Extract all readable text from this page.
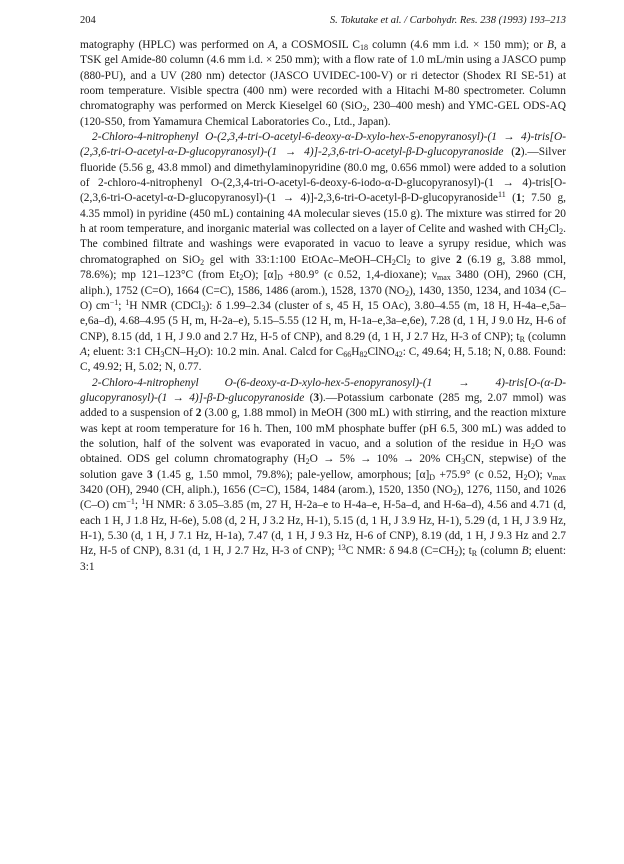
204	S. Tokutake et al. / Carbohydr. Res. 238 (1993) 193–213

matography (HPLC) was performed on A, a COSMOSIL $C_{18}$ column (4.6 mm i.d. × 150 mm); or B, a TSK gel Amide-80 column (4.6 mm i.d. × 250 mm); with a flow rate of 1.0 mL/min using a JASCO pump (880-PU), and a UV (280 nm) detector (JASCO UVIDEC-100-V) or ri detector (Shodex RI SE-51) at room temperature. Visible spectra (400 nm) were recorded with a Hitachi M-80 spectrometer. Column chromatography was performed on Merck Kieselgel 60 (SiO$_2$, 230–400 mesh) and YMC-GEL ODS-AQ (120-S50, from Yamamura Chemical Laboratories Co., Ltd., Japan).

2-Chloro-4-nitrophenyl O-(2,3,4-tri-O-acetyl-6-deoxy-α-D-xylo-hex-5-enopyranosyl)-(1 → 4)-tris[O-(2,3,6-tri-O-acetyl-α-D-glucopyranosyl)-(1 → 4)]-2,3,6-tri-O-acetyl-β-D-glucopyranoside (2).—Silver fluoride (5.56 g, 43.8 mmol) and dimethylaminopyridine (80.0 mg, 0.656 mmol) were added to a solution of 2-chloro-4-nitrophenyl O-(2,3,4-tri-O-acetyl-6-deoxy-6-iodo-α-D-glucopyranosyl)-(1 → 4)-tris[O-(2,3,6-tri-O-acetyl-α-D-glucopyranosyl)-(1 → 4)]-2,3,6-tri-O-acetyl-β-D-glucopyranoside$^{11}$ (1; 7.50 g, 4.35 mmol) in pyridine (450 mL) containing 4A molecular sieves (15.0 g). The mixture was stirred for 20 h at room temperature, and inorganic material was collected on a layer of Celite and washed with $CH_2Cl_2$. The combined filtrate and washings were evaporated in vacuo to leave a syrupy residue, which was chromatographed on SiO$_2$ gel with 33:1:100 EtOAc–$MeOH-CH_2Cl_2$ to give 2 (6.19 g, 3.88 mmol, 78.6%); mp 121–123°C (from $Et_2O$); $[\alpha]_D +80.9^\circ$ (c 0.52, 1,4-dioxane); $\nu_{max}$ 3480 (OH), 2960 (CH, aliph.), 1752 (C=O), 1664 (C=C), 1586, 1486 (arom.), 1528, 1370 $(NO_2)$, 1430, 1350, 1234, and 1034 (C–O) $cm^{-1}$; $^1$H NMR (CDCl$_3$): δ 1.99–2.34 (cluster of s, 45 H, 15 OAc), 3.80–4.55 (m, 18 H, H-4a–e,5a–e,6a–d), 4.68–4.95 (5 H, m, H-2a–e), 5.15–5.55 (12 H, m, H-1a–e,3a–e,6e), 7.28 (d, 1 H, J 9.0 Hz, H-6 of CNP), 8.15 (dd, 1 H, J 9.0 and 2.7 Hz, H-5 of CNP), and 8.29 (d, 1 H, J 2.7 Hz, H-3 of CNP); $t_R$ (column A; eluent: 3:1 $CH_3CN-H_2O$): 10.2 min. Anal. Calcd for $C_{66}H_{82}ClNO_{42}$: C, 49.64; H, 5.18; N, 0.88. Found: C, 49.92; H, 5.02; N, 0.77.

2-Chloro-4-nitrophenyl O-(6-deoxy-α-D-xylo-hex-5-enopyranosyl)-(1 → 4)-tris[O-(α-D-glucopyranosyl)-(1 → 4)]-β-D-glucopyranoside (3).—Potassium carbonate (285 mg, 2.07 mmol) was added to a suspension of 2 (3.00 g, 1.88 mmol) in MeOH (300 mL) with stirring, and the reaction mixture was kept at room temperature for 16 h. Then, 100 mM phosphate buffer (pH 6.5, 300 mL) was added to the solution, half of the solvent was evaporated in vacuo, and a solution of the residue in $H_2O$ was obtained. ODS gel column chromatography ($H_2O \to 5\% \to 10\% \to 20\%$ $CH_3CN$, stepwise) of the solution gave 3 (1.45 g, 1.50 mmol, 79.8%); pale-yellow, amorphous; $[\alpha]_D +75.9^\circ$ (c 0.52, $H_2O$); $\nu_{max}$ 3420 (OH), 2940 (CH, aliph.), 1656 (C=C), 1584, 1484 (arom.), 1520, 1350 $(NO_2)$, 1276, 1150, and 1026 (C–O) $cm^{-1}$; $^1$H NMR: δ 3.05–3.85 (m, 27 H, H-2a–e to H-4a–e, H-5a–d, and H-6a–d), 4.56 and 4.71 (d, each 1 H, J 1.8 Hz, H-6e), 5.08 (d, 2 H, J 3.2 Hz, H-1), 5.15 (d, 1 H, J 3.9 Hz, H-1), 5.29 (d, 1 H, J 3.9 Hz, H-1), 5.30 (d, 1 H, J 7.1 Hz, H-1a), 7.47 (d, 1 H, J 9.3 Hz, H-6 of CNP), 8.19 (dd, 1 H, J 9.3 Hz and 2.7 Hz, H-5 of CNP), 8.31 (d, 1 H, J 2.7 Hz, H-3 of CNP); $^{13}$C NMR: δ 94.8 $(C=CH_2)$; $t_R$ (column B; eluent: 3:1
